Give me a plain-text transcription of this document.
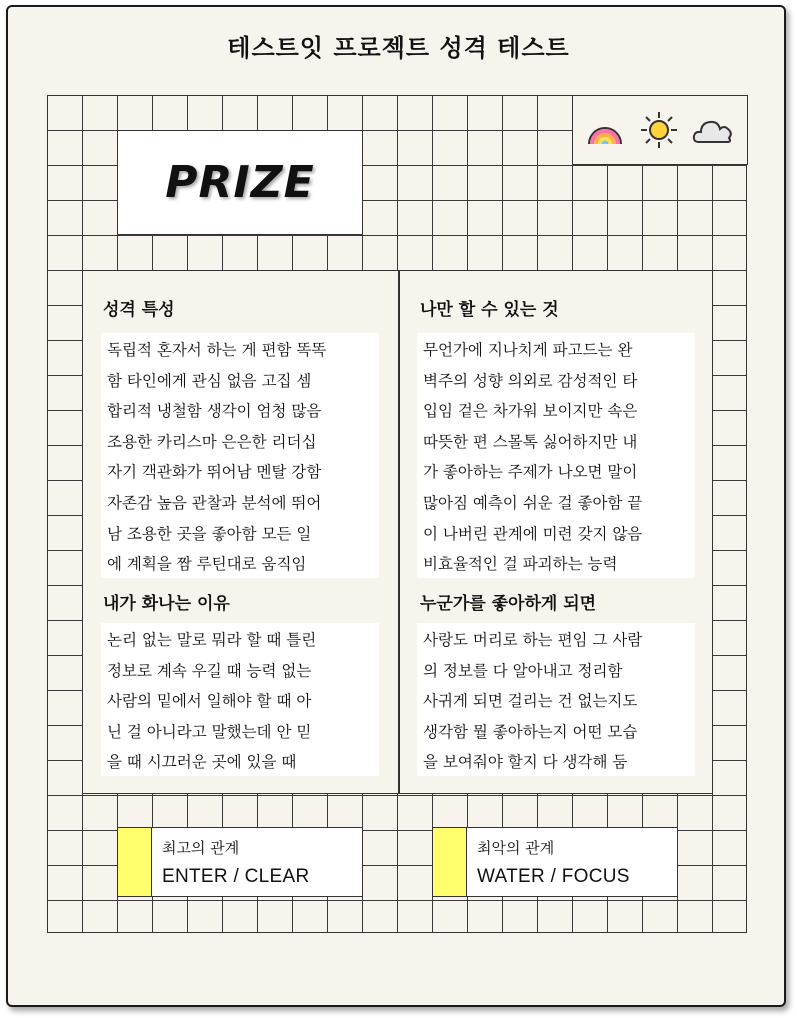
테스트잇 프로젝트 성격 테스트
PRIZE
성격 특성
독립적 혼자서 하는 게 편함 똑똑
함 타인에게 관심 없음 고집 셈
합리적 냉철함 생각이 엄청 많음
조용한 카리스마 은은한 리더십
자기 객관화가 뛰어남 멘탈 강함
자존감 높음 관찰과 분석에 뛰어
남 조용한 곳을 좋아함 모든 일
에 계획을 짬 루틴대로 움직임
나만 할 수 있는 것
무언가에 지나치게 파고드는 완
벽주의 성향 의외로 감성적인 타
입임 겉은 차가워 보이지만 속은
따뜻한 편 스몰톡 싫어하지만 내
가 좋아하는 주제가 나오면 말이
많아짐 예측이 쉬운 걸 좋아함 끝
이 나버린 관계에 미련 갖지 않음
비효율적인 걸 파괴하는 능력
내가 화나는 이유
논리 없는 말로 뭐라 할 때 틀린
정보로 계속 우길 때 능력 없는
사람의 밑에서 일해야 할 때 아
닌 걸 아니라고 말했는데 안 믿
을 때 시끄러운 곳에 있을 때
누군가를 좋아하게 되면
사랑도 머리로 하는 편임 그 사람
의 정보를 다 알아내고 정리함
사귀게 되면 걸리는 건 없는지도
생각함 뭘 좋아하는지 어떤 모습
을 보여줘야 할지 다 생각해 둠
최고의 관계
ENTER / CLEAR
최악의 관계
WATER / FOCUS
